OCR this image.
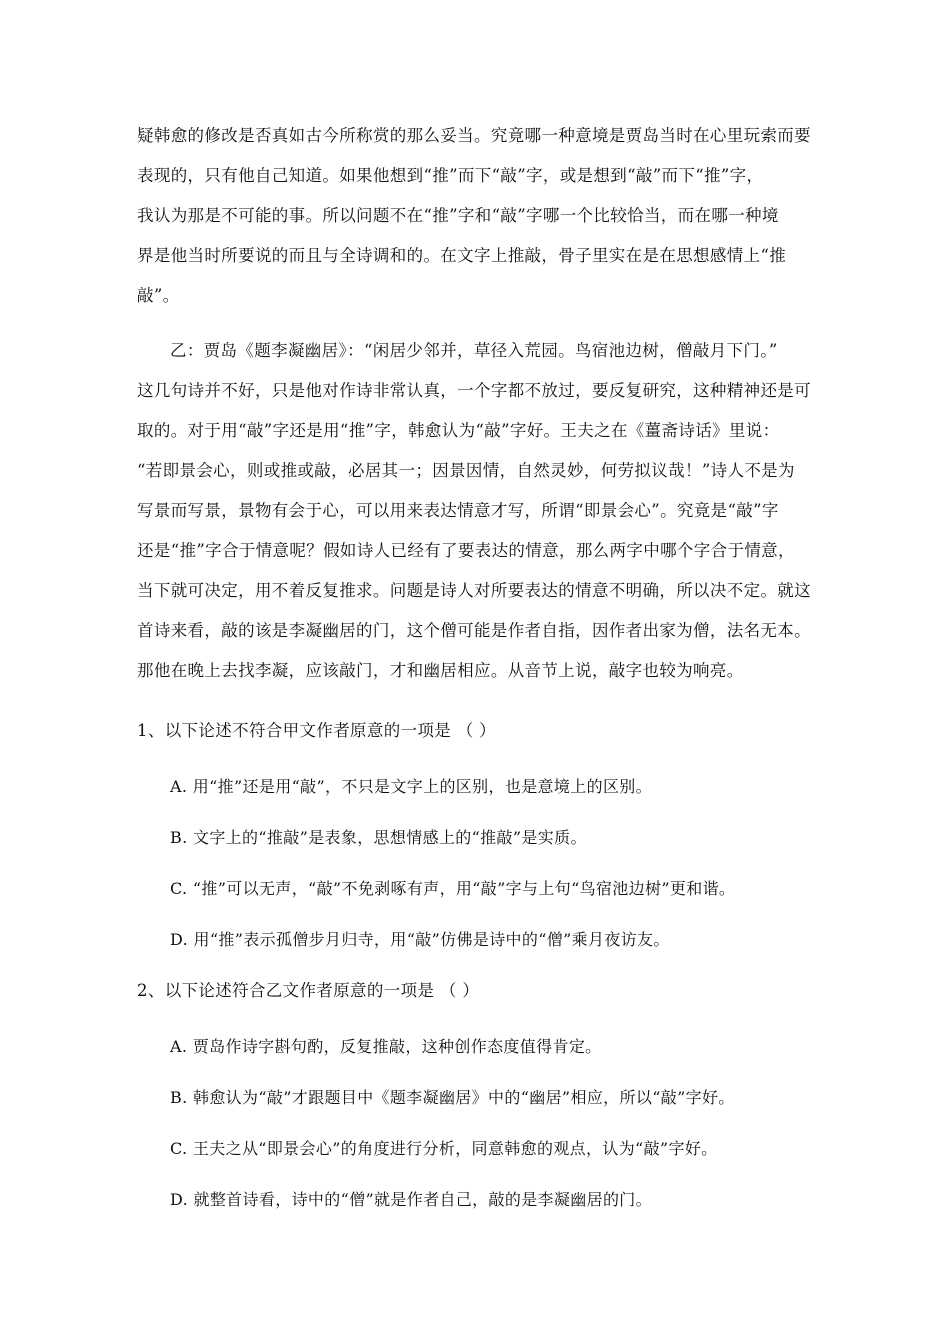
疑韩愈的修改是否真如古今所称赏的那么妥当。究竟哪一种意境是贾岛当时在心里玩索而要
表现的，只有他自己知道。如果他想到“推”而下“敲”字，或是想到“敲”而下“推”字，
我认为那是不可能的事。所以问题不在“推”字和“敲”字哪一个比较恰当，而在哪一种境
界是他当时所要说的而且与全诗调和的。在文字上推敲，骨子里实在是在思想感情上“推
敲”。
乙：贾岛《题李凝幽居》：“闲居少邻并，草径入荒园。鸟宿池边树，僧敲月下门。”
这几句诗并不好，只是他对作诗非常认真，一个字都不放过，要反复研究，这种精神还是可
取的。对于用“敲”字还是用“推”字，韩愈认为“敲”字好。王夫之在《薑斋诗话》里说：
“若即景会心，则或推或敲，必居其一；因景因情，自然灵妙，何劳拟议哉！”诗人不是为
写景而写景，景物有会于心，可以用来表达情意才写，所谓“即景会心”。究竟是“敲”字
还是“推”字合于情意呢？假如诗人已经有了要表达的情意，那么两字中哪个字合于情意，
当下就可决定，用不着反复推求。问题是诗人对所要表达的情意不明确，所以决不定。就这
首诗来看，敲的该是李凝幽居的门，这个僧可能是作者自指，因作者出家为僧，法名无本。
那他在晚上去找李凝，应该敲门，才和幽居相应。从音节上说，敲字也较为响亮。
1、以下论述不符合甲文作者原意的一项是 （ ）
A. 用“推”还是用“敲”，不只是文字上的区别，也是意境上的区别。
B. 文字上的“推敲”是表象，思想情感上的“推敲”是实质。
C. “推”可以无声，“敲”不免剥啄有声，用“敲”字与上句“鸟宿池边树”更和谐。
D. 用“推”表示孤僧步月归寺，用“敲”仿佛是诗中的“僧”乘月夜访友。
2、以下论述符合乙文作者原意的一项是 （ ）
A. 贾岛作诗字斟句酌，反复推敲，这种创作态度值得肯定。
B. 韩愈认为“敲”才跟题目中《题李凝幽居》中的“幽居”相应，所以“敲”字好。
C. 王夫之从“即景会心”的角度进行分析，同意韩愈的观点，认为“敲”字好。
D. 就整首诗看，诗中的“僧”就是作者自己，敲的是李凝幽居的门。
